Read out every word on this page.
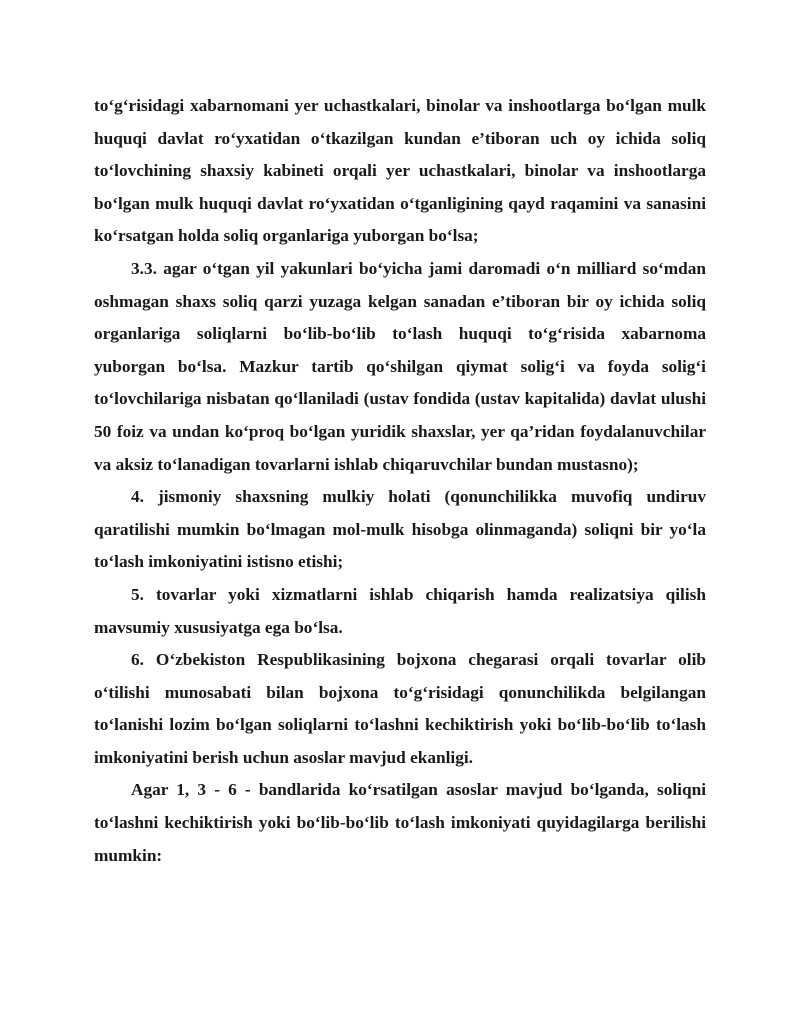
to‘g‘risidagi xabarnomani yer uchastkalari, binolar va inshootlarga bo‘lgan mulk huquqi davlat ro‘yxatidan o‘tkazilgan kundan e’tiboran uch oy ichida soliq to‘lovchining shaxsiy kabineti orqali yer uchastkalari, binolar va inshootlarga bo‘lgan mulk huquqi davlat ro‘yxatidan o‘tganligining qayd raqamini va sanasini ko‘rsatgan holda soliq organlariga yuborgan bo‘lsa;

3.3. agar o‘tgan yil yakunlari bo‘yicha jami daromadi o‘n milliard so‘mdan oshmagan shaxs soliq qarzi yuzaga kelgan sanadan e’tiboran bir oy ichida soliq organlariga soliqlarni bo‘lib-bo‘lib to‘lash huquqi to‘g‘risida xabarnoma yuborgan bo‘lsa. Mazkur tartib qo‘shilgan qiymat solig‘i va foyda solig‘i to‘lovchilariga nisbatan qo‘llaniladi (ustav fondida (ustav kapitalida) davlat ulushi 50 foiz va undan ko‘proq bo‘lgan yuridik shaxslar, yer qa’ridan foydalanuvchilar va aksiz to‘lanadigan tovarlarni ishlab chiqaruvchilar bundan mustasno);

4. jismoniy shaxsning mulkiy holati (qonunchilikka muvofiq undiruv qaratilishi mumkin bo‘lmagan mol-mulk hisobga olinmaganda) soliqni bir yo‘la to‘lash imkoniyatini istisno etishi;

5. tovarlar yoki xizmatlarni ishlab chiqarish hamda realizatsiya qilish mavsumiy xususiyatga ega bo‘lsa.

6. O‘zbekiston Respublikasining bojxona chegarasi orqali tovarlar olib o‘tilishi munosabati bilan bojxona to‘g‘risidagi qonunchilikda belgilangan to‘lanishi lozim bo‘lgan soliqlarni to‘lashni kechiktirish yoki bo‘lib-bo‘lib to‘lash imkoniyatini berish uchun asoslar mavjud ekanligi.

Agar 1, 3 - 6 - bandlarida ko‘rsatilgan asoslar mavjud bo‘lganda, soliqni to‘lashni kechiktirish yoki bo‘lib-bo‘lib to‘lash imkoniyati quyidagilarga berilishi mumkin:
